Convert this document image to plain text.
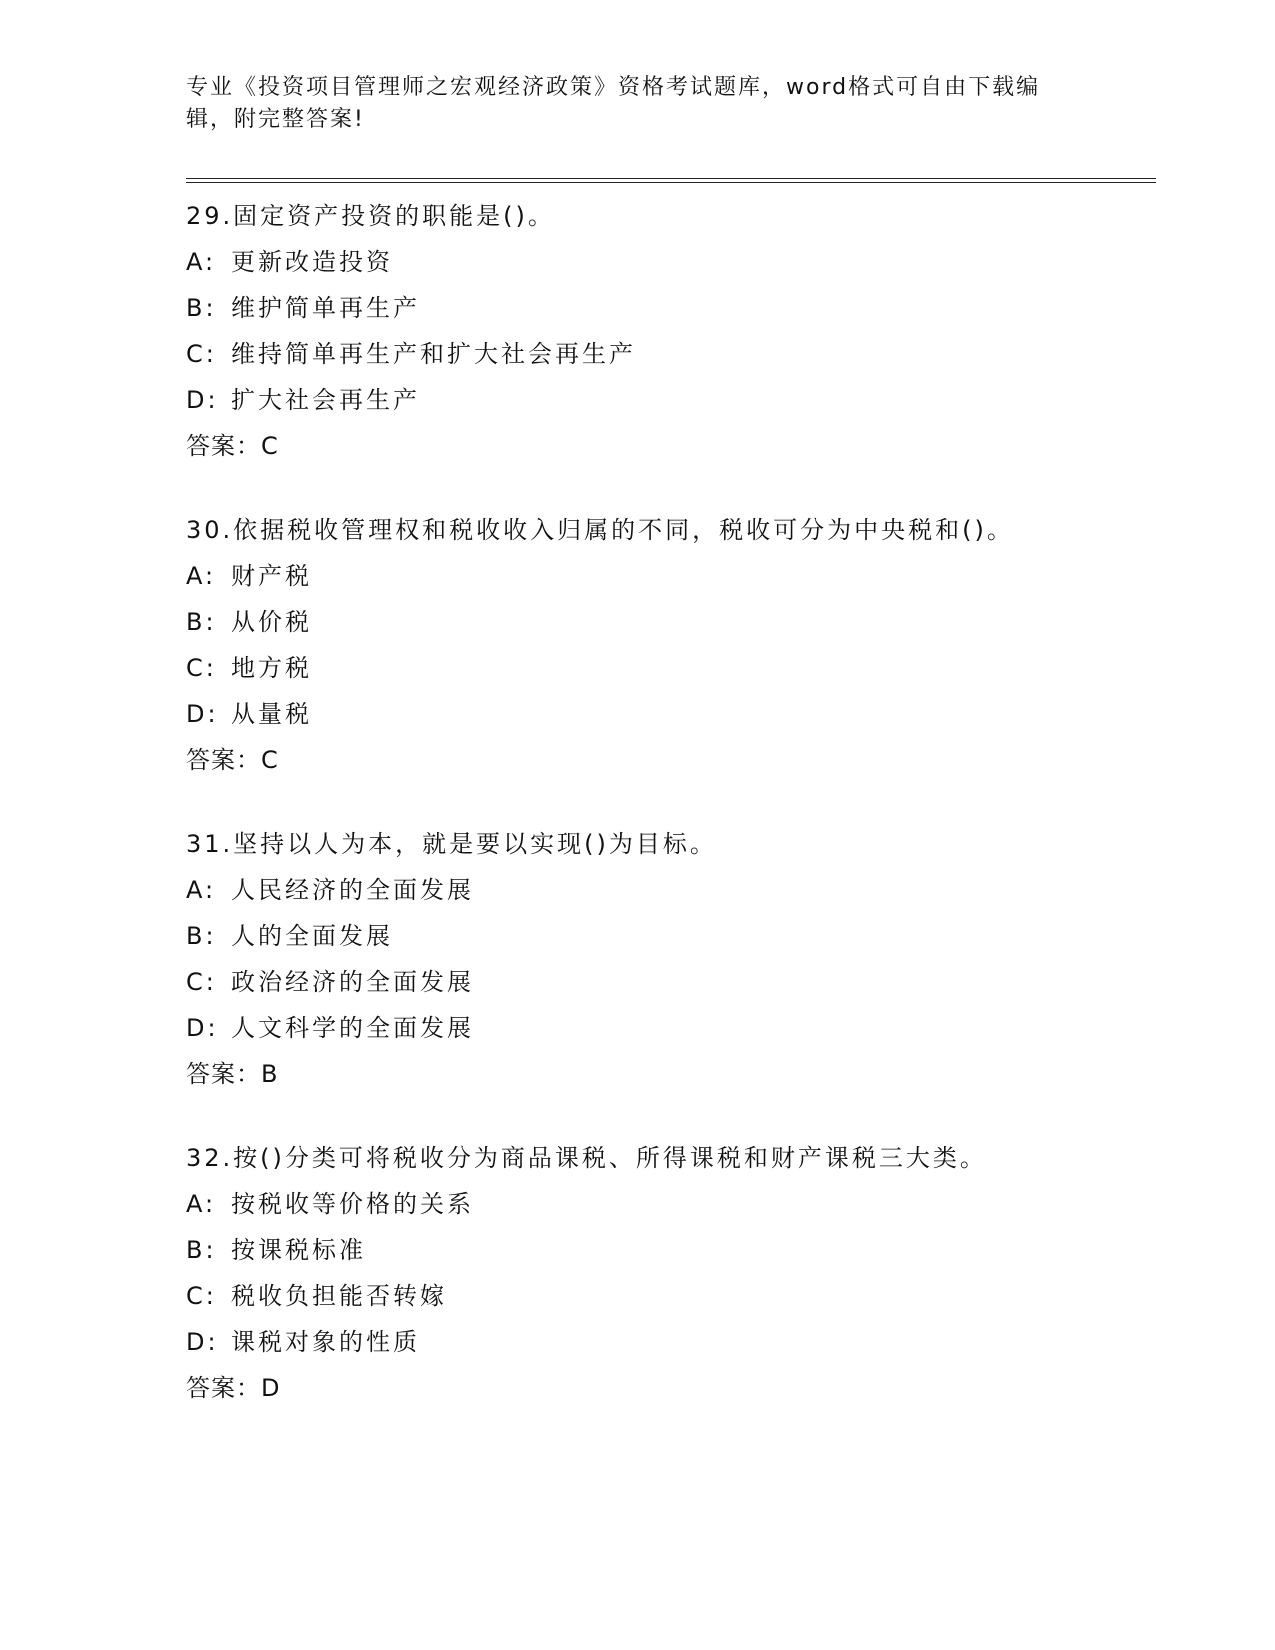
专业《投资项目管理师之宏观经济政策》资格考试题库，word格式可自由下载编辑，附完整答案!

29.固定资产投资的职能是()。
A: 更新改造投资
B: 维护简单再生产
C: 维持简单再生产和扩大社会再生产
D: 扩大社会再生产
答案：C
30.依据税收管理权和税收收入归属的不同，税收可分为中央税和()。
A: 财产税
B: 从价税
C: 地方税
D: 从量税
答案：C
31.坚持以人为本，就是要以实现()为目标。
A: 人民经济的全面发展
B: 人的全面发展
C: 政治经济的全面发展
D: 人文科学的全面发展
答案：B
32.按()分类可将税收分为商品课税、所得课税和财产课税三大类。
A: 按税收等价格的关系
B: 按课税标准
C: 税收负担能否转嫁
D: 课税对象的性质
答案：D
